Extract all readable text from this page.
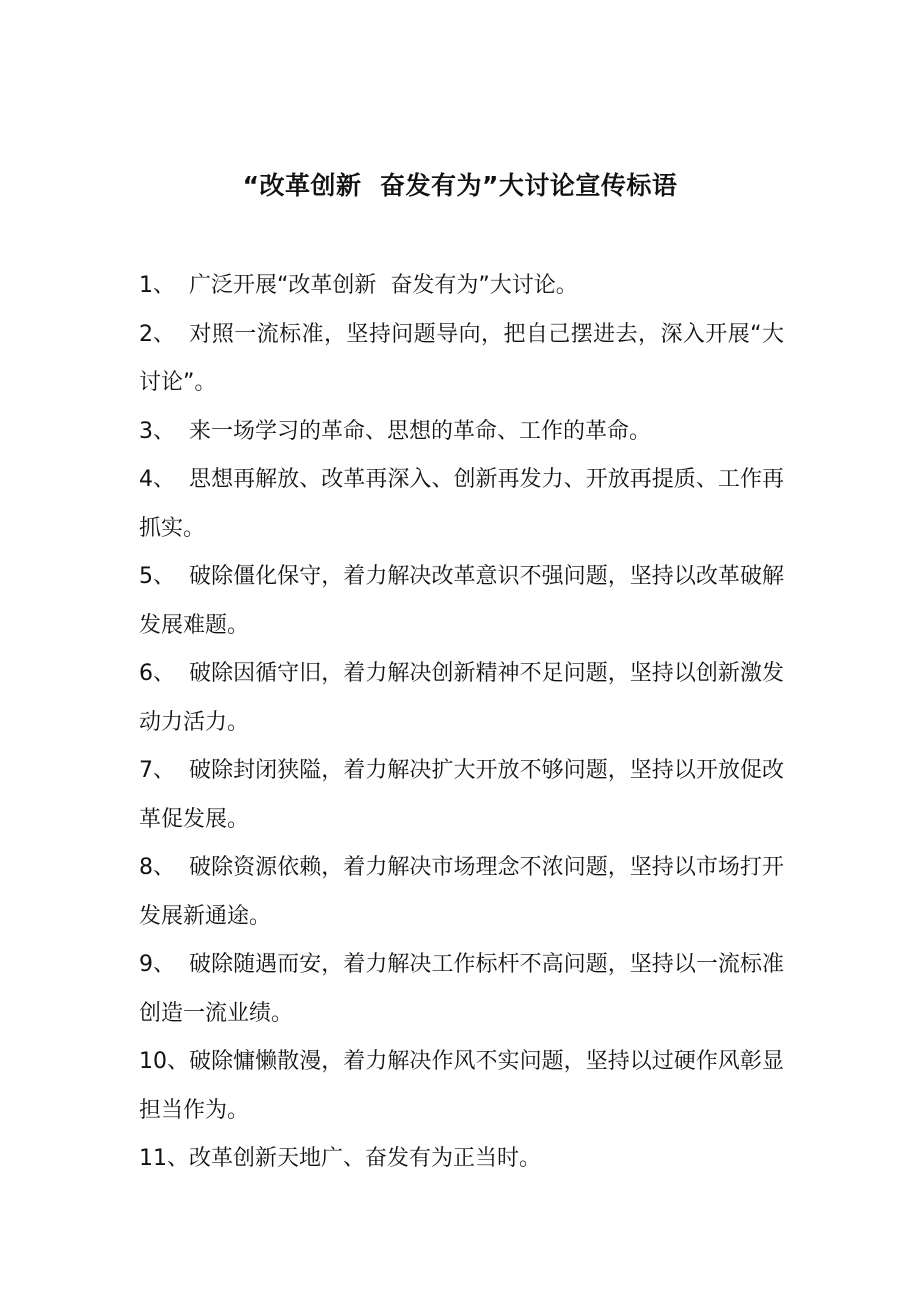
“改革创新  奋发有为”大讨论宣传标语
1、 广泛开展“改革创新  奋发有为”大讨论。
2、 对照一流标准，坚持问题导向，把自己摆进去，深入开展“大讨论”。
3、 来一场学习的革命、思想的革命、工作的革命。
4、 思想再解放、改革再深入、创新再发力、开放再提质、工作再抓实。
5、 破除僵化保守，着力解决改革意识不强问题，坚持以改革破解发展难题。
6、 破除因循守旧，着力解决创新精神不足问题，坚持以创新激发动力活力。
7、 破除封闭狭隘，着力解决扩大开放不够问题，坚持以开放促改革促发展。
8、 破除资源依赖，着力解决市场理念不浓问题，坚持以市场打开发展新通途。
9、 破除随遇而安，着力解决工作标杆不高问题，坚持以一流标准创造一流业绩。
10、破除慵懒散漫，着力解决作风不实问题，坚持以过硬作风彰显担当作为。
11、改革创新天地广、奋发有为正当时。
